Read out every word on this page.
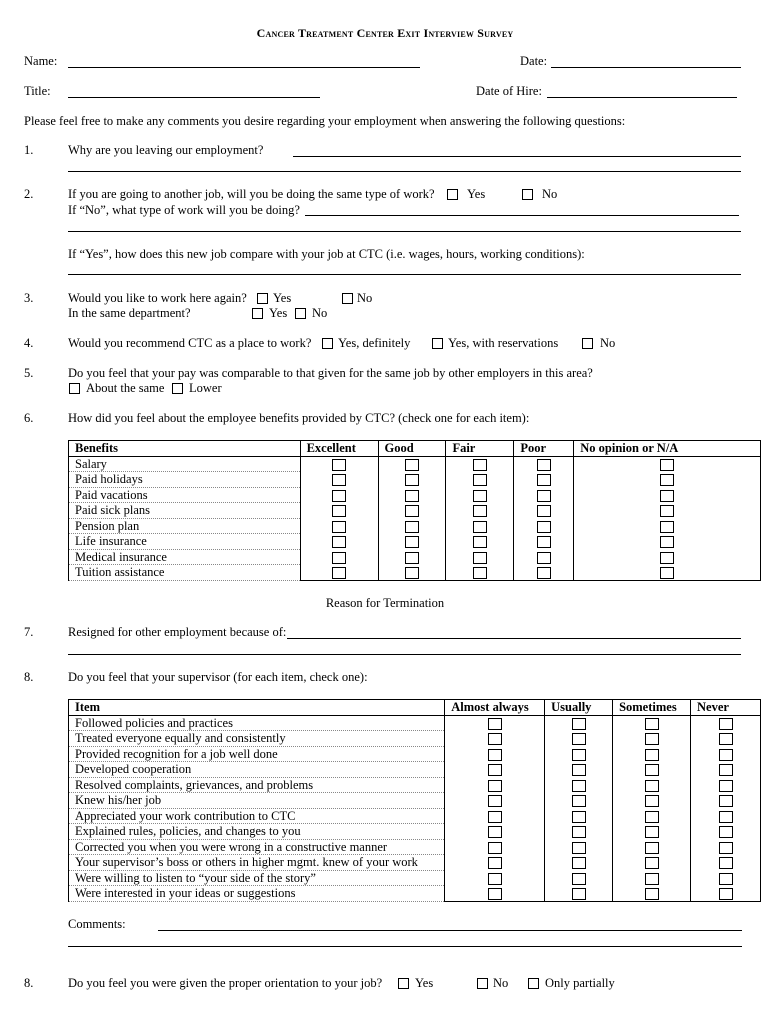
Cancer Treatment Center Exit Interview Survey
Name:	Date:
Title:	Date of Hire:
Please feel free to make any comments you desire regarding your employment when answering the following questions:
1.	Why are you leaving our employment?
2.	If you are going to another job, will you be doing the same type of work?	Yes	No
If “No”, what type of work will you be doing?
If “Yes”, how does this new job compare with your job at CTC (i.e. wages, hours, working conditions):
3.	Would you like to work here again? Yes	No
In the same department?	Yes No
4.	Would you recommend CTC as a place to work? Yes, definitely	Yes, with reservations	No
5.	Do you feel that your pay was comparable to that given for the same job by other employers in this area?
About the same Lower
6.	How did you feel about the employee benefits provided by CTC? (check one for each item):
Benefits	Excellent	Good	Fair	Poor	No opinion or N/A
Salary					
Paid holidays					
Paid vacations					
Paid sick plans					
Pension plan					
Life insurance					
Medical insurance					
Tuition assistance					
Reason for Termination
7.	Resigned for other employment because of:
8.	Do you feel that your supervisor (for each item, check one):
Item	Almost always	Usually	Sometimes	Never
Followed policies and practices				
Treated everyone equally and consistently				
Provided recognition for a job well done				
Developed cooperation				
Resolved complaints, grievances, and problems				
Knew his/her job				
Appreciated your work contribution to CTC				
Explained rules, policies, and changes to you				
Corrected you when you were wrong in a constructive manner				
Your supervisor’s boss or others in higher mgmt. knew of your work				
Were willing to listen to “your side of the story”				
Were interested in your ideas or suggestions				
Comments:
8.	Do you feel you were given the proper orientation to your job?	Yes	No	Only partially
